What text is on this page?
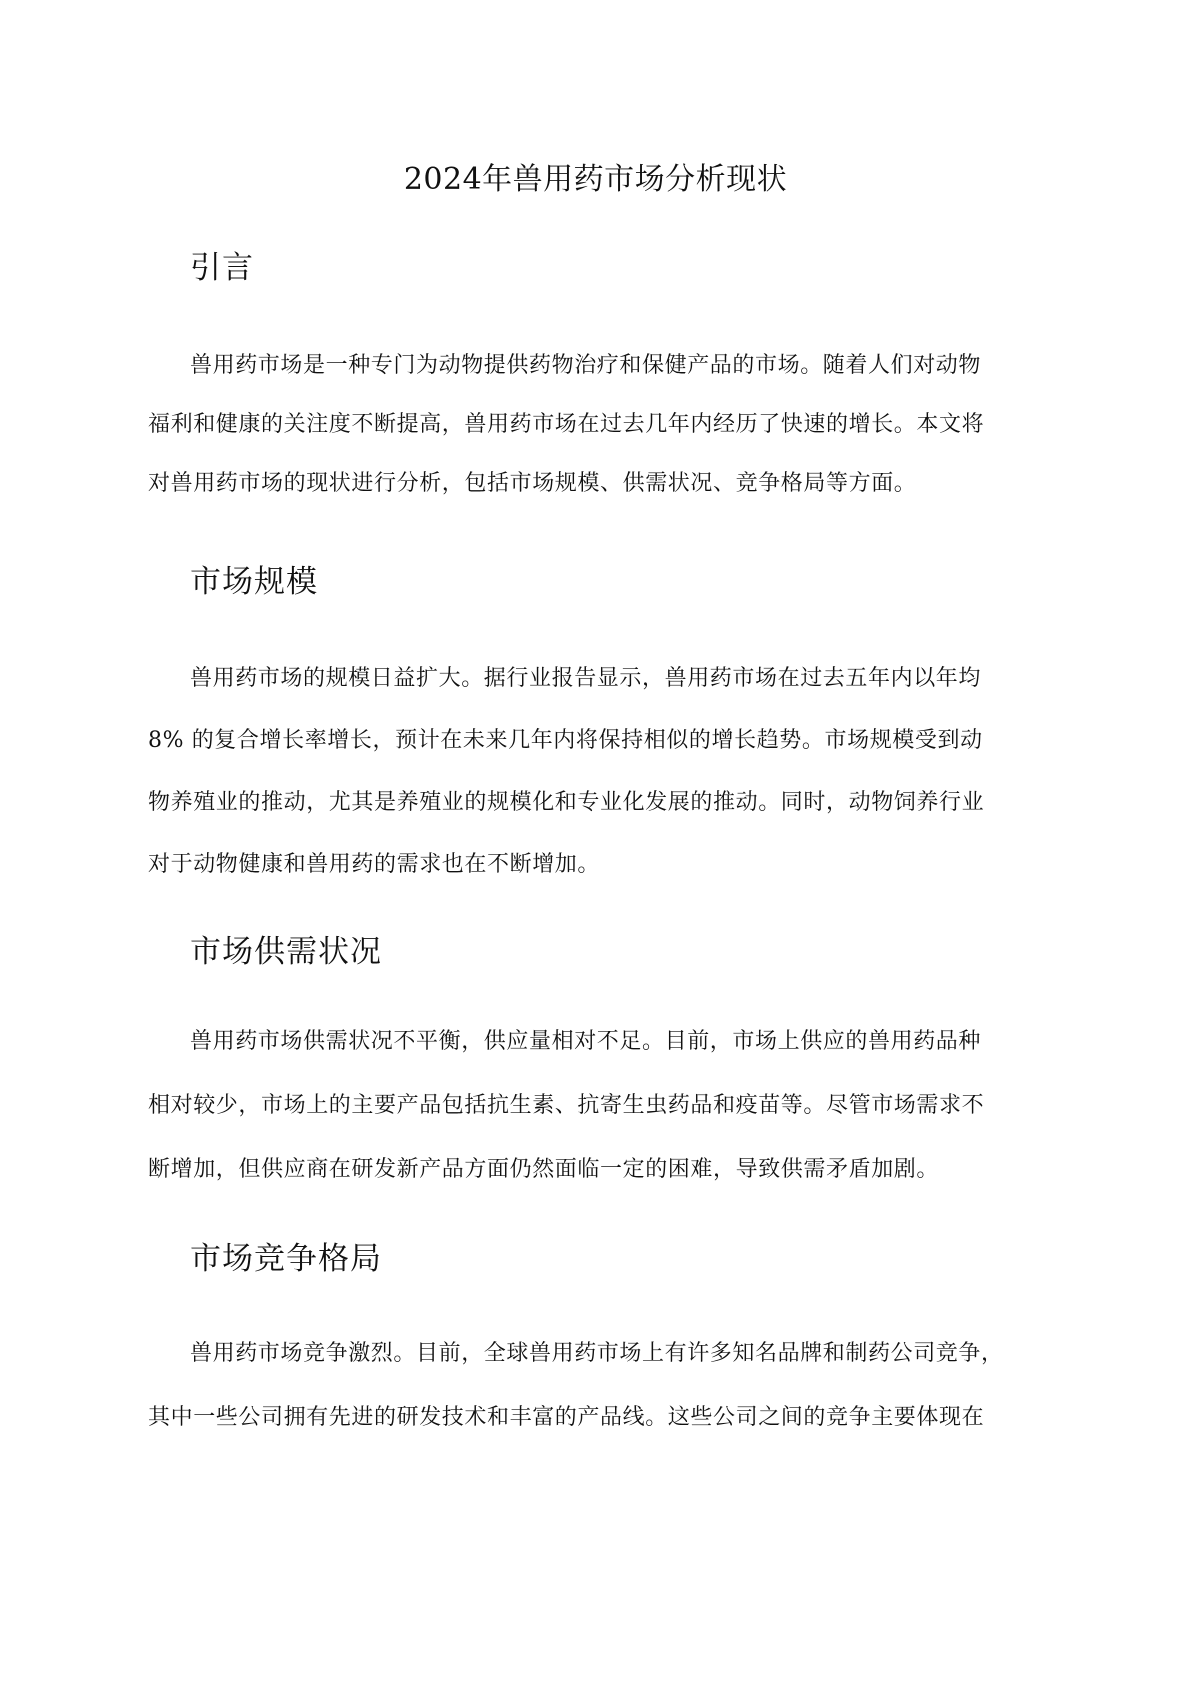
2024年兽用药市场分析现状
引言

兽用药市场是一种专门为动物提供药物治疗和保健产品的市场。随着人们对动物

福利和健康的关注度不断提高，兽用药市场在过去几年内经历了快速的增长。本文将

对兽用药市场的现状进行分析，包括市场规模、供需状况、竞争格局等方面。

市场规模

兽用药市场的规模日益扩大。据行业报告显示，兽用药市场在过去五年内以年均

8% 的复合增长率增长，预计在未来几年内将保持相似的增长趋势。市场规模受到动

物养殖业的推动，尤其是养殖业的规模化和专业化发展的推动。同时，动物饲养行业

对于动物健康和兽用药的需求也在不断增加。

市场供需状况

兽用药市场供需状况不平衡，供应量相对不足。目前，市场上供应的兽用药品种

相对较少，市场上的主要产品包括抗生素、抗寄生虫药品和疫苗等。尽管市场需求不

断增加，但供应商在研发新产品方面仍然面临一定的困难，导致供需矛盾加剧。

市场竞争格局

兽用药市场竞争激烈。目前，全球兽用药市场上有许多知名品牌和制药公司竞争，

其中一些公司拥有先进的研发技术和丰富的产品线。这些公司之间的竞争主要体现在
